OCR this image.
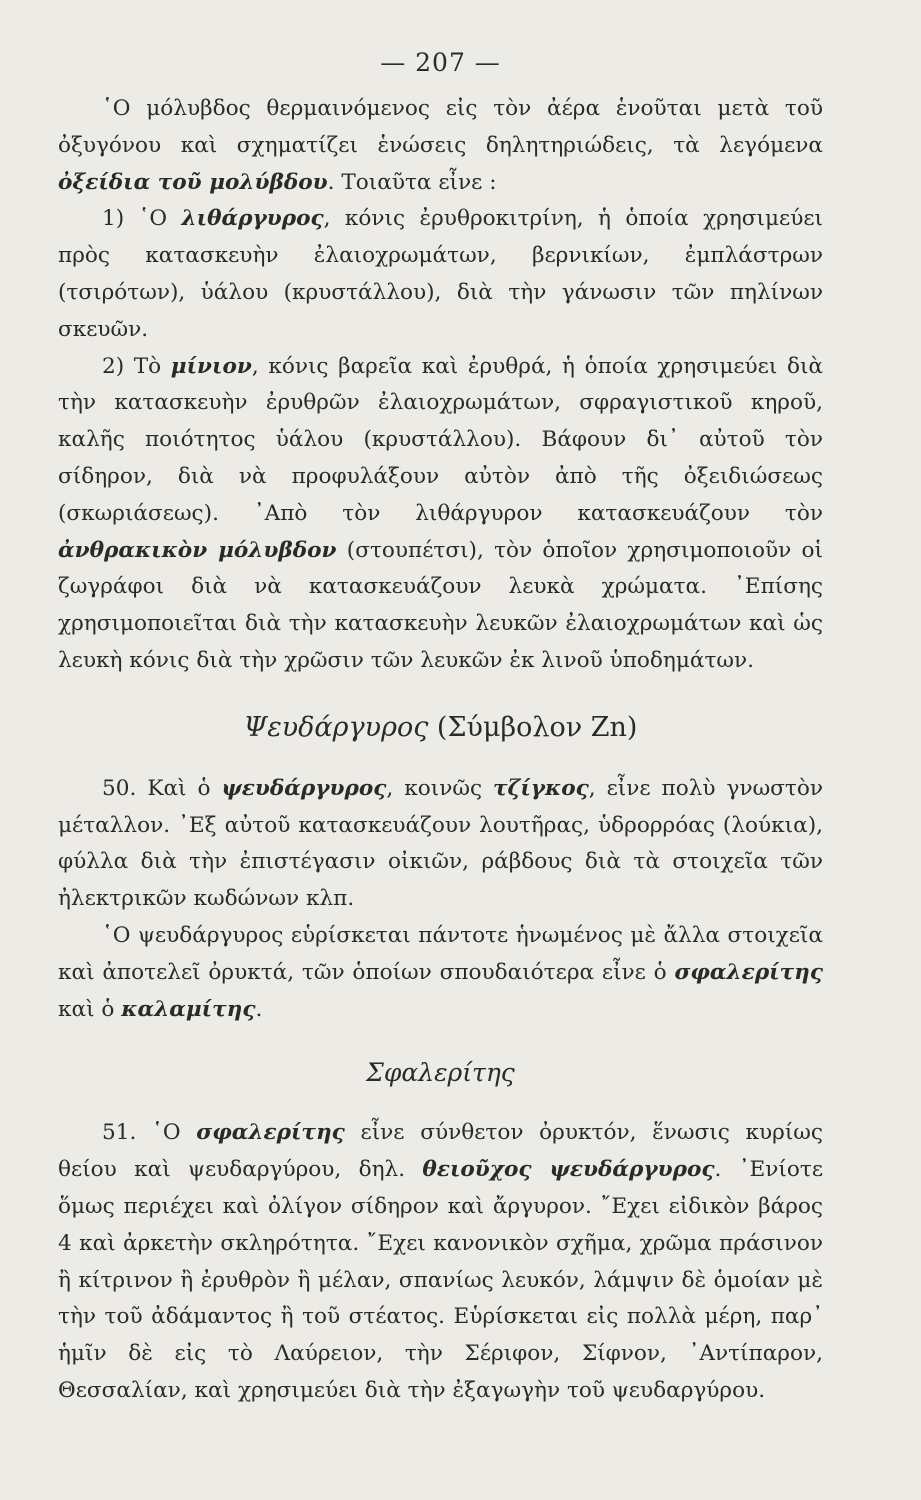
— 207 —

῾Ο μόλυβδος θερμαινόμενος εἰς τὸν ἀέρα ἑνοῦται μετὰ τοῦ ὀξυγόνου καὶ σχηματίζει ἑνώσεις δηλητηριώδεις, τὰ λεγόμενα ὀξείδια τοῦ μολύβδου. Τοιαῦτα εἶνε :

1) ῾Ο λιθάργυρος, κόνις ἐρυθροκιτρίνη, ἡ ὁποία χρησιμεύει πρὸς κατασκευὴν ἐλαιοχρωμάτων, βερνικίων, ἐμπλάστρων (τσιρότων), ὑάλου (κρυστάλλου), διὰ τὴν γάνωσιν τῶν πηλίνων σκευῶν.

2) Τὸ μίνιον, κόνις βαρεῖα καὶ ἐρυθρά, ἡ ὁποία χρησιμεύει διὰ τὴν κατασκευὴν ἐρυθρῶν ἐλαιοχρωμάτων, σφραγιστικοῦ κηροῦ, καλῆς ποιότητος ὑάλου (κρυστάλλου). Βάφουν δι᾽ αὐτοῦ τὸν σίδηρον, διὰ νὰ προφυλάξουν αὐτὸν ἀπὸ τῆς ὀξειδιώσεως (σκωριάσεως). ᾽Απὸ τὸν λιθάργυρον κατασκευάζουν τὸν ἀνθρακικὸν μόλυβδον (στουπέτσι), τὸν ὁποῖον χρησιμοποιοῦν οἱ ζωγράφοι διὰ νὰ κατασκευάζουν λευκὰ χρώματα. ᾽Επίσης χρησιμοποιεῖται διὰ τὴν κατασκευὴν λευκῶν ἐλαιοχρωμάτων καὶ ὡς λευκὴ κόνις διὰ τὴν χρῶσιν τῶν λευκῶν ἐκ λινοῦ ὑποδημάτων.

Ψευδάργυρος (Σύμβολον Zn)

50. Καὶ ὁ ψευδάργυρος, κοινῶς τζίγκος, εἶνε πολὺ γνωστὸν μέταλλον. ᾽Εξ αὐτοῦ κατασκευάζουν λουτῆρας, ὑδρορρόας (λούκια), φύλλα διὰ τὴν ἐπιστέγασιν οἰκιῶν, ράβδους διὰ τὰ στοιχεῖα τῶν ἠλεκτρικῶν κωδώνων κλπ.

῾Ο ψευδάργυρος εὑρίσκεται πάντοτε ἡνωμένος μὲ ἄλλα στοιχεῖα καὶ ἀποτελεῖ ὀρυκτά, τῶν ὁποίων σπουδαιότερα εἶνε ὁ σφαλερίτης καὶ ὁ καλαμίτης.

Σφαλερίτης

51. ῾Ο σφαλερίτης εἶνε σύνθετον ὀρυκτόν, ἕνωσις κυρίως θείου καὶ ψευδαργύρου, δηλ. θειοῦχος ψευδάργυρος. ᾽Ενίοτε ὅμως περιέχει καὶ ὀλίγον σίδηρον καὶ ἄργυρον. ῎Εχει εἰδικὸν βάρος 4 καὶ ἀρκετὴν σκληρότητα. ῎Εχει κανονικὸν σχῆμα, χρῶμα πράσινον ἢ κίτρινον ἢ ἐρυθρὸν ἢ μέλαν, σπανίως λευκόν, λάμψιν δὲ ὁμοίαν μὲ τὴν τοῦ ἀδάμαντος ἢ τοῦ στέατος. Εὑρίσκεται εἰς πολλὰ μέρη, παρ᾽ ἡμῖν δὲ εἰς τὸ Λαύρειον, τὴν Σέριφον, Σίφνον, ᾽Αντίπαρον, Θεσσαλίαν, καὶ χρησιμεύει διὰ τὴν ἐξαγωγὴν τοῦ ψευδαργύρου.
